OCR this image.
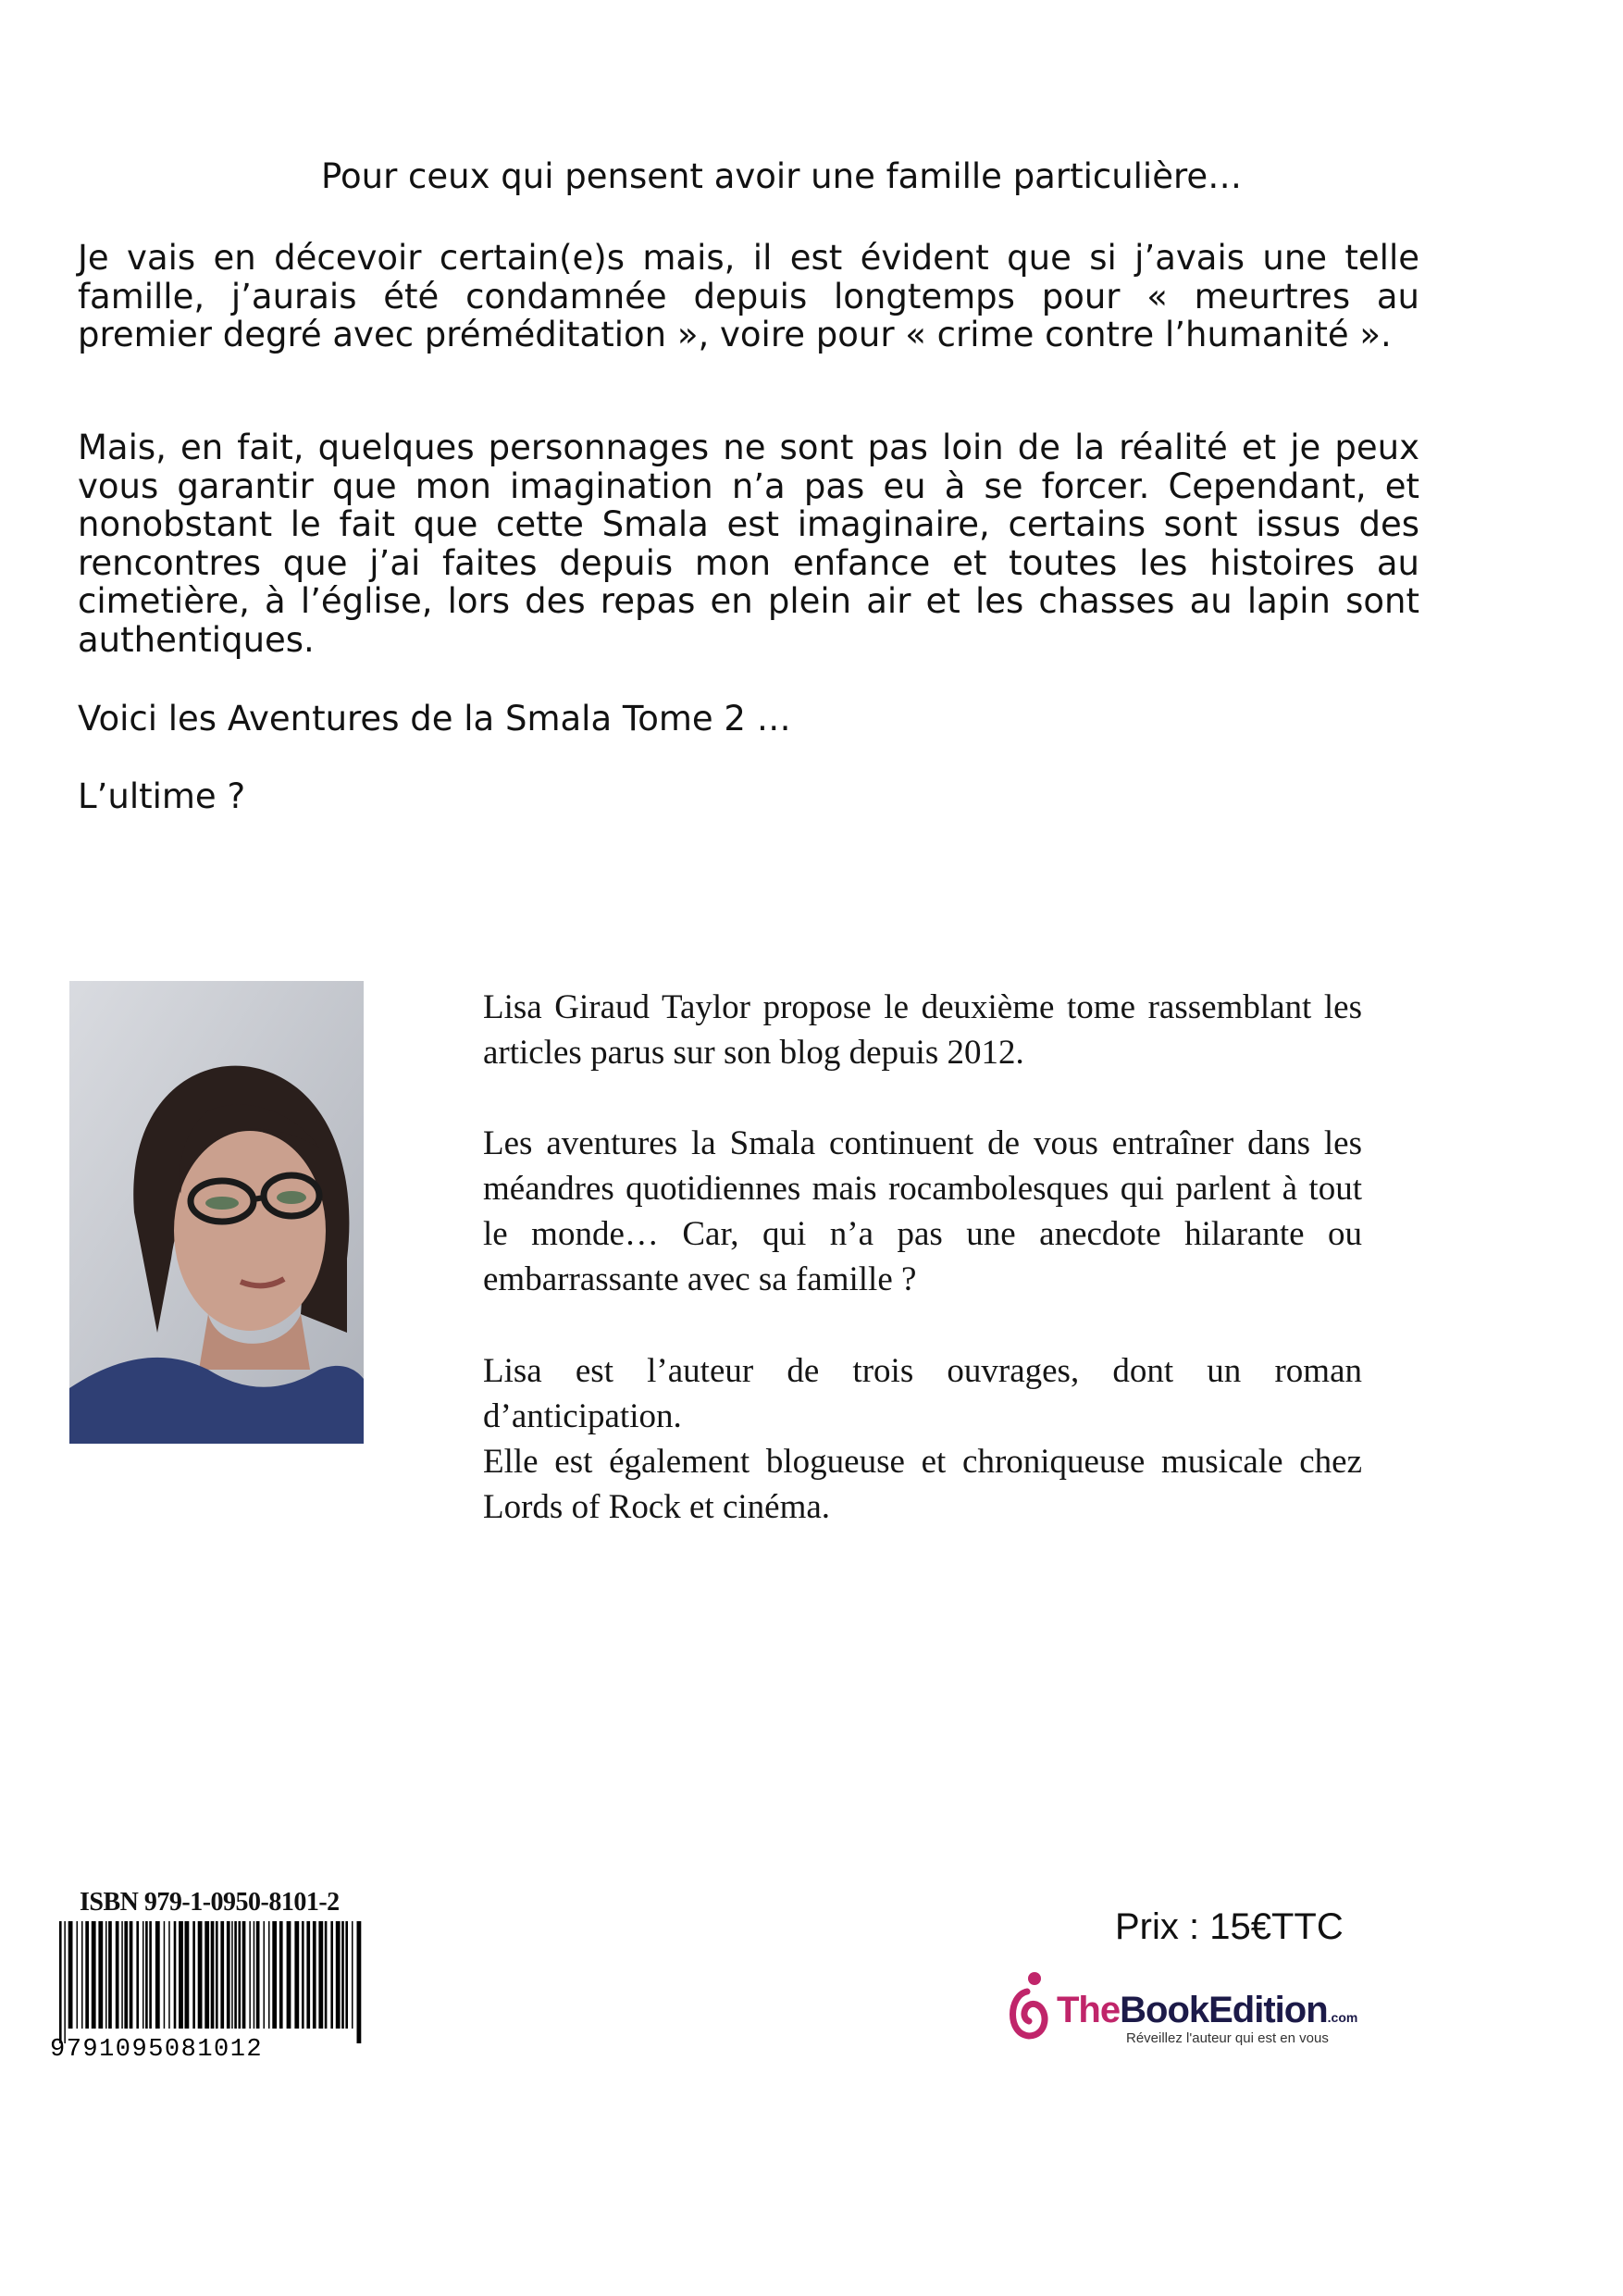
Pour ceux qui pensent avoir une famille particulière…

Je vais en décevoir certain(e)s mais, il est évident que si j’avais une telle famille, j’aurais été condamnée depuis longtemps pour « meurtres au premier degré avec préméditation », voire pour « crime contre l’humanité ».

Mais, en fait, quelques personnages ne sont pas loin de la réalité et je peux vous garantir que mon imagination n’a pas eu à se forcer. Cependant, et nonobstant le fait que cette Smala est imaginaire, certains sont issus des rencontres que j’ai faites depuis mon enfance et toutes les histoires au cimetière, à l’église, lors des repas en plein air et les chasses au lapin sont authentiques.

Voici les Aventures de la Smala Tome 2 …

L’ultime ?

Lisa Giraud Taylor propose le deuxième tome rassemblant les articles parus sur son blog depuis 2012.

Les aventures la Smala continuent de vous entraîner dans les méandres quotidiennes mais rocambolesques qui parlent à tout le monde… Car, qui n’a pas une anecdote hilarante ou embarrassante avec sa famille ?

Lisa est l’auteur de trois ouvrages, dont un roman d’anticipation.

Elle est également blogueuse et chroniqueuse musicale chez Lords of Rock et cinéma.

ISBN 979-1-0950-8101-2
9791095081012
Prix : 15€TTC
TheBookEdition.com
Réveillez l'auteur qui est en vous
